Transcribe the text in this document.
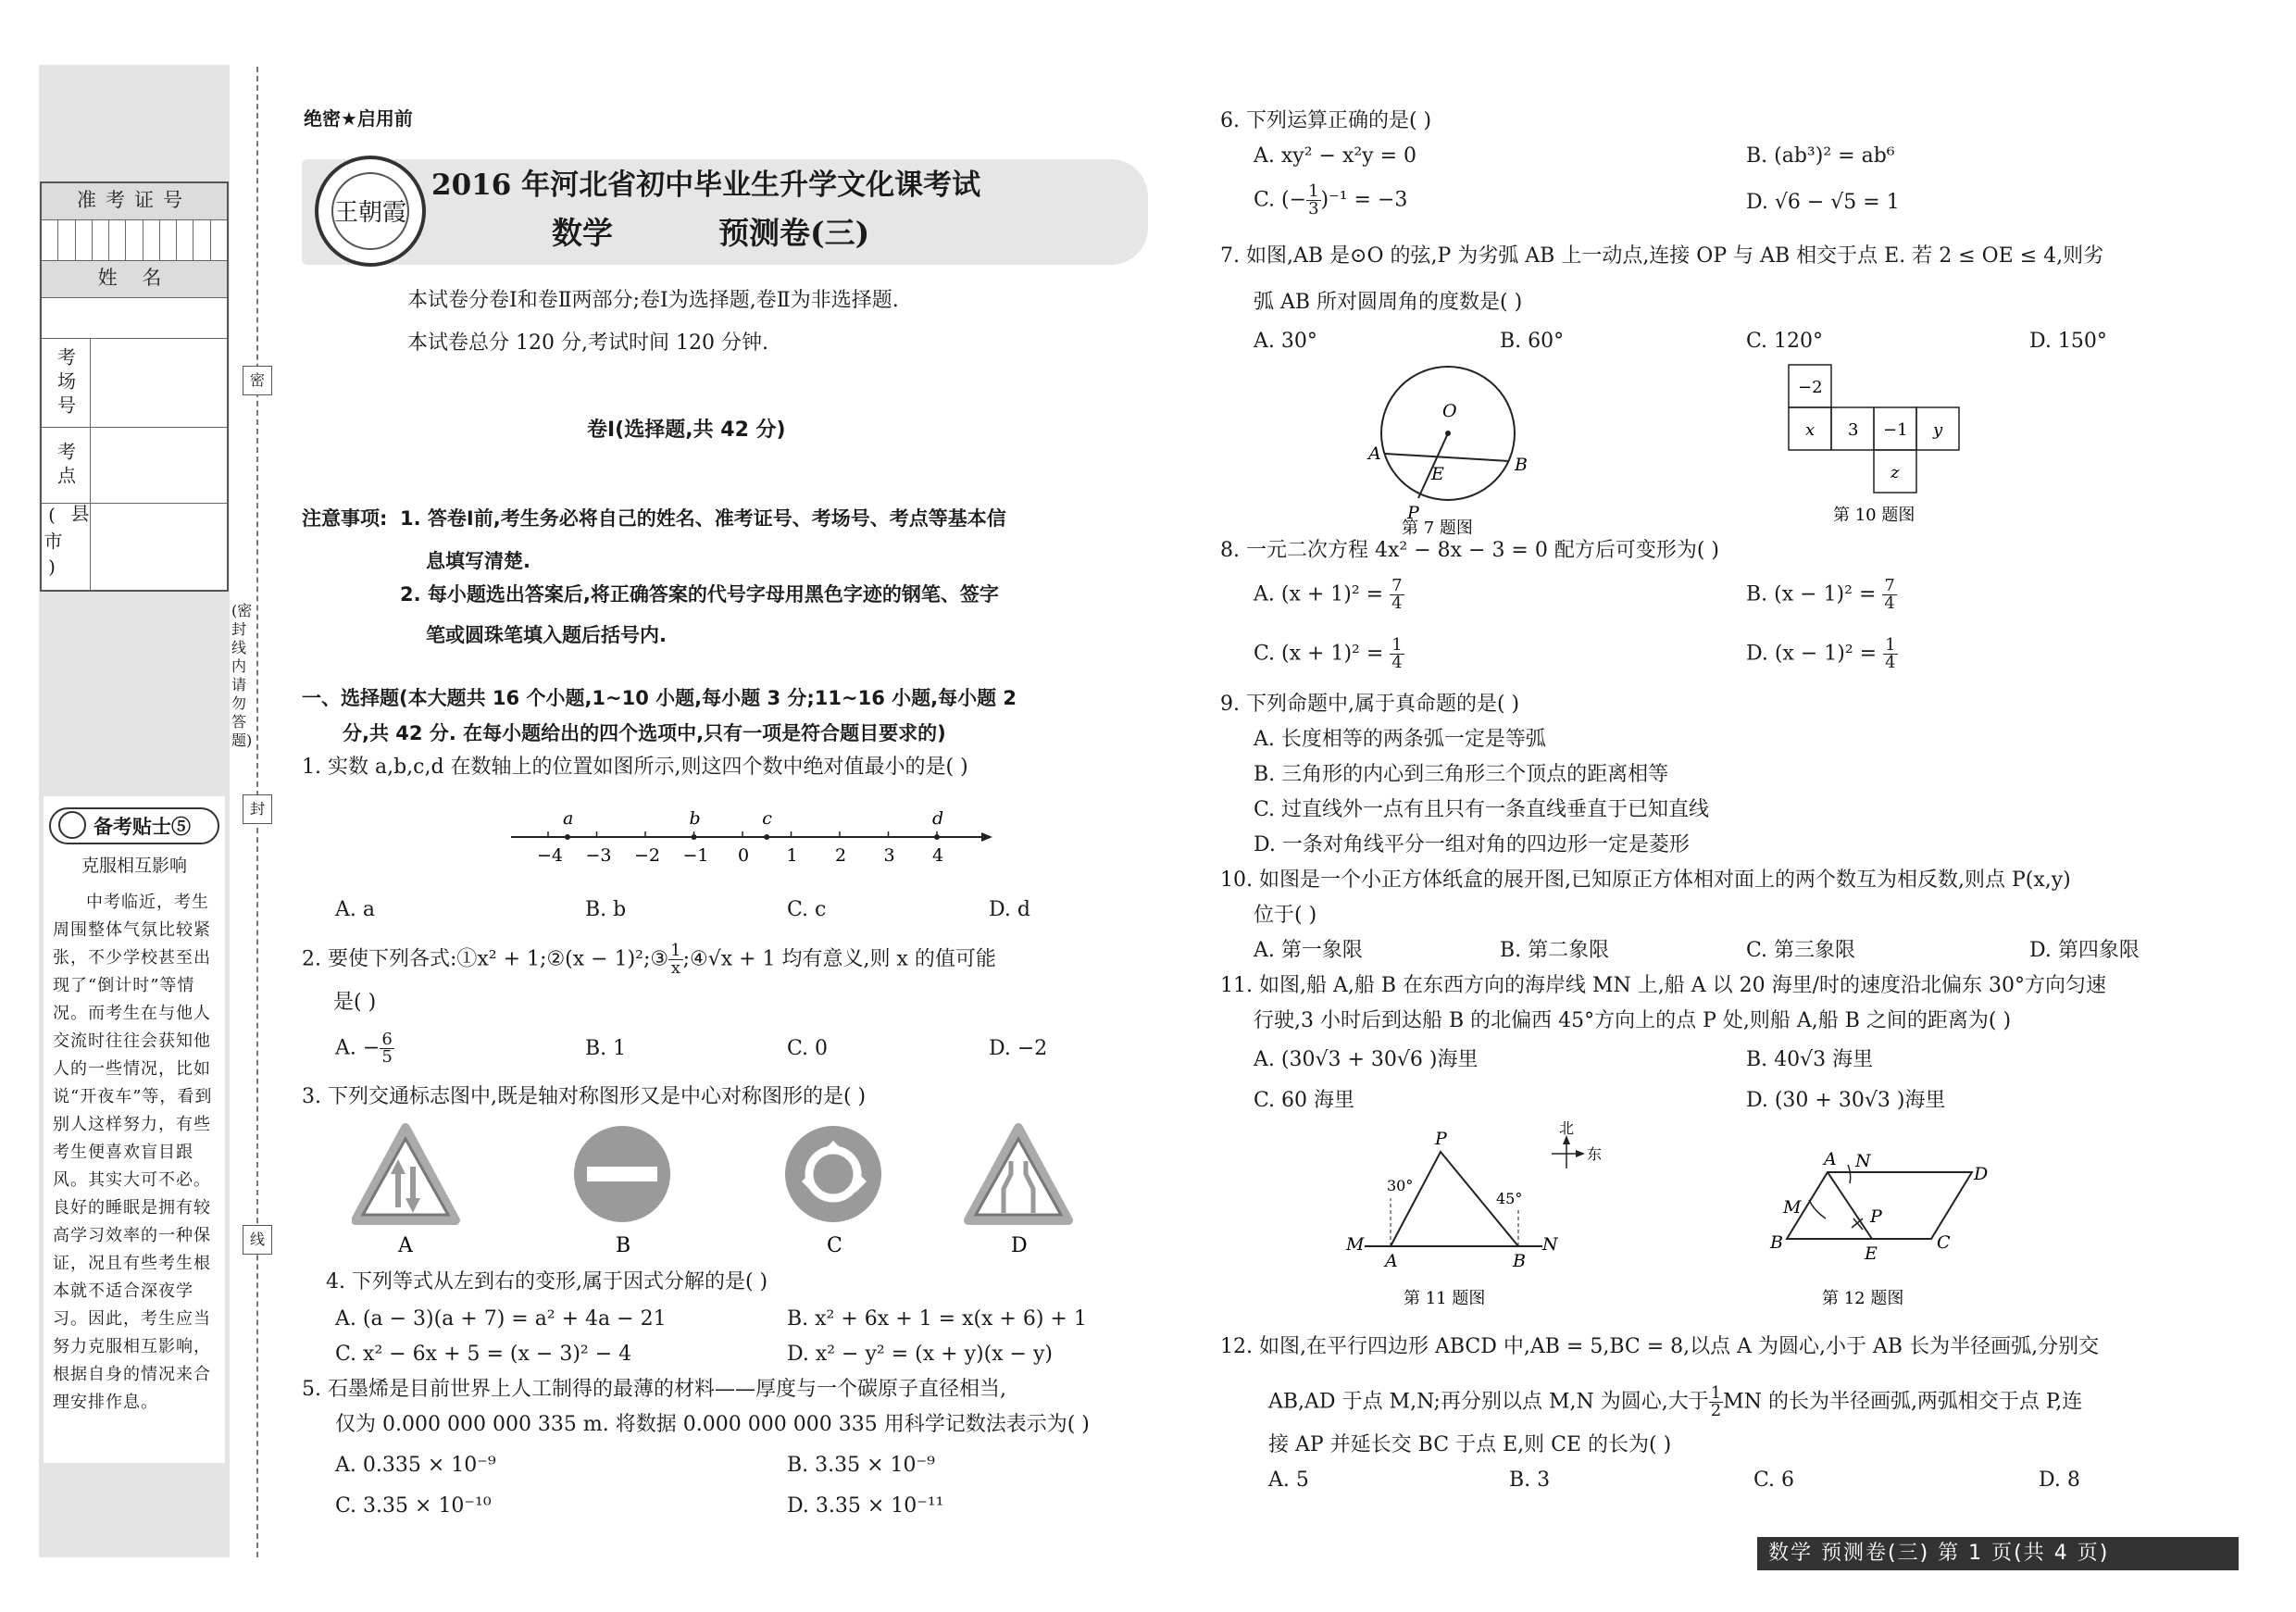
准考证号
姓 名
考场号
考点
县(市)
密
封
线
(密封线内请勿答题)
备考贴士⑤
克服相互影响
中考临近，考生周围整体气氛比较紧张，不少学校甚至出现了“倒计时”等情况。而考生在与他人交流时往往会获知他人的一些情况，比如说“开夜车”等，看到别人这样努力，有些考生便喜欢盲目跟风。其实大可不必。良好的睡眠是拥有较高学习效率的一种保证，况且有些考生根本就不适合深夜学习。因此，考生应当努力克服相互影响，根据自身的情况来合理安排作息。
绝密★启用前
王朝霞
2016 年河北省初中毕业生升学文化课考试
数学	预测卷(三)
本试卷分卷Ⅰ和卷Ⅱ两部分;卷Ⅰ为选择题,卷Ⅱ为非选择题.
本试卷总分 120 分,考试时间 120 分钟.
卷Ⅰ(选择题,共 42 分)
注意事项: 1. 答卷Ⅰ前,考生务必将自己的姓名、准考证号、考场号、考点等基本信
息填写清楚.
2. 每小题选出答案后,将正确答案的代号字母用黑色字迹的钢笔、签字
笔或圆珠笔填入题后括号内.
一、选择题(本大题共 16 个小题,1~10 小题,每小题 3 分;11~16 小题,每小题 2
分,共 42 分. 在每小题给出的四个选项中,只有一项是符合题目要求的)
1. 实数 a,b,c,d 在数轴上的位置如图所示,则这四个数中绝对值最小的是( )
−4 −3 −2 −1 0 1 2 3 4
a	b	c	d
A. a	B. b	C. c	D. d
2. 要使下列各式:①x² + 1;②(x − 1)²;③ $\frac{1}{x}$ ;④√x + 1 均有意义,则 x 的值可能
是( )
A. − $\frac{6}{5}$	B. 1	C. 0	D. −2
3. 下列交通标志图中,既是轴对称图形又是中心对称图形的是( )
A	B	C	D
4. 下列等式从左到右的变形,属于因式分解的是( )
A. (a − 3)(a + 7) = a² + 4a − 21	B. x² + 6x + 1 = x(x + 6) + 1
C. x² − 6x + 5 = (x − 3)² − 4	D. x² − y² = (x + y)(x − y)
5. 石墨烯是目前世界上人工制得的最薄的材料——厚度与一个碳原子直径相当,
仅为 0.000 000 000 335 m. 将数据 0.000 000 000 335 用科学记数法表示为( )
A. 0.335 × 10⁻⁹	B. 3.35 × 10⁻⁹
C. 3.35 × 10⁻¹⁰	D. 3.35 × 10⁻¹¹
6. 下列运算正确的是( )
A. xy² − x²y = 0	B. (ab³)² = ab⁶
C. (− $\frac{1}{3} )^{-1} = -3$	D. √6 − √5 = 1
7. 如图,AB 是⊙O 的弦,P 为劣弧 AB 上一动点,连接 OP 与 AB 相交于点 E. 若 2 ≤ OE ≤ 4,则劣
弧 AB 所对圆周角的度数是( )
A. 30°	B. 60°	C. 120°	D. 150°
O
A
B
E
P
第 7 题图
−2
x 3 −1 y
z
第 10 题图
8. 一元二次方程 4x² − 8x − 3 = 0 配方后可变形为( )
A. $(x + 1)^2 = \frac{7}{4}$	B. $(x - 1)^2 = \frac{7}{4}$
C. $(x + 1)^2 = \frac{1}{4}$	D. $(x - 1)^2 = \frac{1}{4}$
9. 下列命题中,属于真命题的是( )
A. 长度相等的两条弧一定是等弧
B. 三角形的内心到三角形三个顶点的距离相等
C. 过直线外一点有且只有一条直线垂直于已知直线
D. 一条对角线平分一组对角的四边形一定是菱形
10. 如图是一个小正方体纸盒的展开图,已知原正方体相对面上的两个数互为相反数,则点 P(x,y)
位于( )
A. 第一象限	B. 第二象限	C. 第三象限	D. 第四象限
11. 如图,船 A,船 B 在东西方向的海岸线 MN 上,船 A 以 20 海里/时的速度沿北偏东 30°方向匀速
行驶,3 小时后到达船 B 的北偏西 45°方向上的点 P 处,则船 A,船 B 之间的距离为( )
A. (30√3 + 30√6 )海里	B. 40√3 海里
C. 60 海里	D. (30 + 30√3 )海里
北
东
P
30°
45°
M
A	B
N
第 11 题图
A N
D
M	P
B
E
C
第 12 题图
12. 如图,在平行四边形 ABCD 中,AB = 5,BC = 8,以点 A 为圆心,小于 AB 长为半径画弧,分别交
AB,AD 于点 M,N;再分别以点 M,N 为圆心,大于 $\frac{1}{2}$ MN 的长为半径画弧,两弧相交于点 P,连
接 AP 并延长交 BC 于点 E,则 CE 的长为( )
A. 5	B. 3	C. 6	D. 8
数学 预测卷(三) 第 1 页(共 4 页)
